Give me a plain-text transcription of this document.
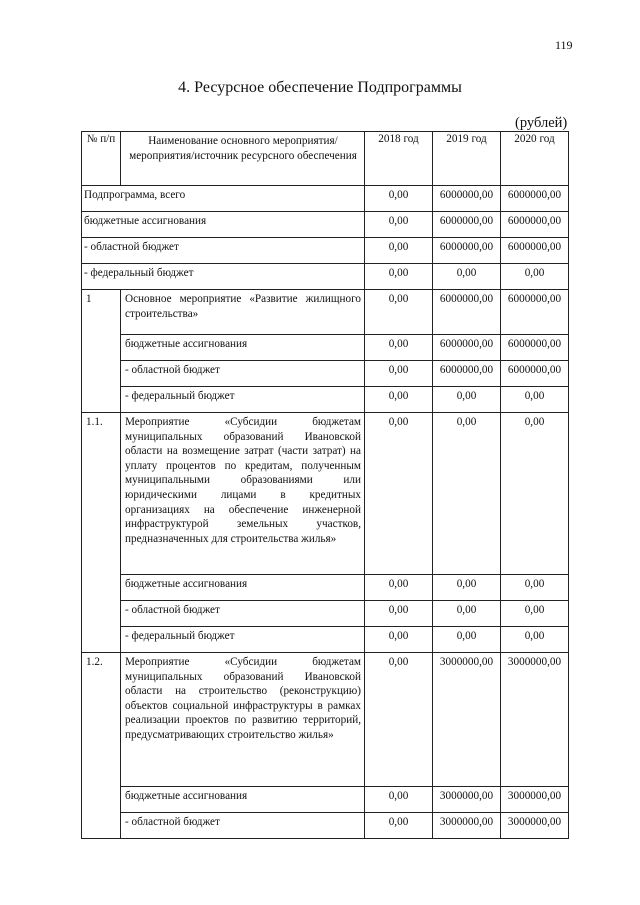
119
4. Ресурсное обеспечение Подпрограммы
(рублей)
№ п/п	Наименование основного мероприятия/мероприятия/источник ресурсного обеспечения	2018 год	2019 год	2020 год
Подпрограмма, всего		0,00	6000000,00	6000000,00
бюджетные ассигнования		0,00	6000000,00	6000000,00
- областной бюджет		0,00	6000000,00	6000000,00
- федеральный бюджет		0,00	0,00	0,00
1	Основное мероприятие «Развитие жилищного строительства»	0,00	6000000,00	6000000,00
	бюджетные ассигнования	0,00	6000000,00	6000000,00
	- областной бюджет	0,00	6000000,00	6000000,00
	- федеральный бюджет	0,00	0,00	0,00
1.1.	Мероприятие «Субсидии бюджетам муниципальных образований Ивановской области на возмещение затрат (части затрат) на уплату процентов по кредитам, полученным муниципальными образованиями или юридическими лицами в кредитных организациях на обеспечение инженерной инфраструктурой земельных участков, предназначенных для строительства жилья»	0,00	0,00	0,00
	бюджетные ассигнования	0,00	0,00	0,00
	- областной бюджет	0,00	0,00	0,00
	- федеральный бюджет	0,00	0,00	0,00
1.2.	Мероприятие «Субсидии бюджетам муниципальных образований Ивановской области на строительство (реконструкцию) объектов социальной инфраструктуры в рамках реализации проектов по развитию территорий, предусматривающих строительство жилья»	0,00	3000000,00	3000000,00
	бюджетные ассигнования	0,00	3000000,00	3000000,00
	- областной бюджет	0,00	3000000,00	3000000,00
